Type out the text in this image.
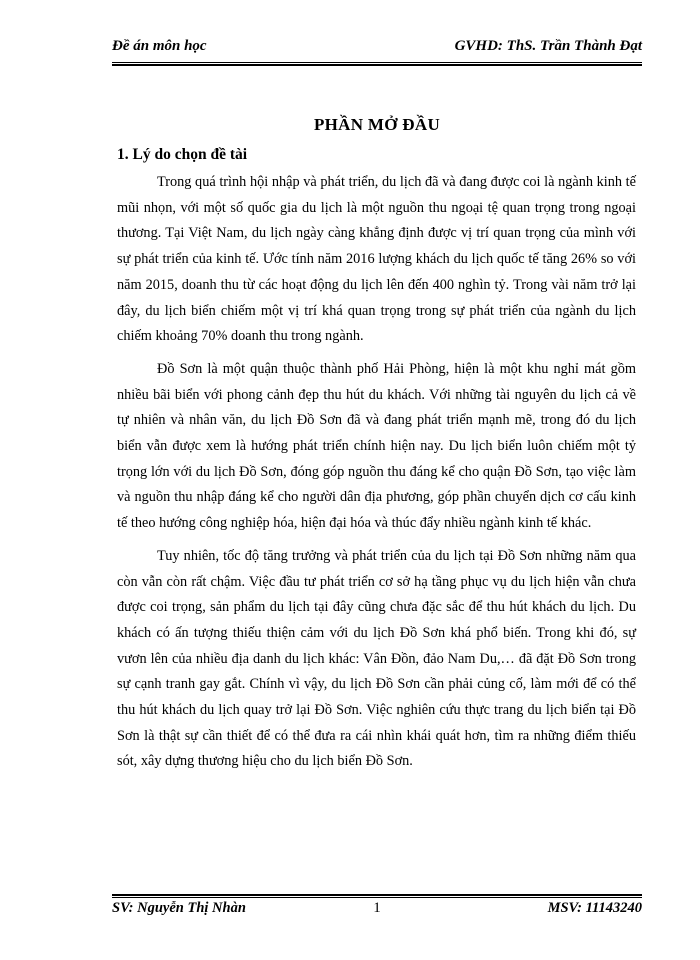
Đề án môn học	GVHD: ThS. Trần Thành Đạt
PHẦN MỞ ĐẦU
1. Lý do chọn đề tài

Trong quá trình hội nhập và phát triển, du lịch đã và đang được coi là ngành kinh tế mũi nhọn, với một số quốc gia du lịch là một nguồn thu ngoại tệ quan trọng trong ngoại thương. Tại Việt Nam, du lịch ngày càng khẳng định được vị trí quan trọng của mình với sự phát triển của kinh tế. Ước tính năm 2016 lượng khách du lịch quốc tế tăng 26% so với năm 2015, doanh thu từ các hoạt động du lịch lên đến 400 nghìn tỷ. Trong vài năm trở lại đây, du lịch biển chiếm một vị trí khá quan trọng trong sự phát triển của ngành du lịch chiếm khoảng 70% doanh thu trong ngành.

Đồ Sơn là một quận thuộc thành phố Hải Phòng, hiện là một khu nghỉ mát gồm nhiều bãi biển với phong cảnh đẹp thu hút du khách. Với những tài nguyên du lịch cả về tự nhiên và nhân văn, du lịch Đồ Sơn đã và đang phát triển mạnh mẽ, trong đó du lịch biển vẫn được xem là hướng phát triển chính hiện nay. Du lịch biển luôn chiếm một tỷ trọng lớn với du lịch Đồ Sơn, đóng góp nguồn thu đáng kể cho quận Đồ Sơn, tạo việc làm và nguồn thu nhập đáng kể cho người dân địa phương, góp phần chuyển dịch cơ cấu kinh tế theo hướng công nghiệp hóa, hiện đại hóa và thúc đẩy nhiều ngành kinh tế khác.

Tuy nhiên, tốc độ tăng trưởng và phát triển của du lịch tại Đồ Sơn những năm qua còn vẫn còn rất chậm. Việc đầu tư phát triển cơ sở hạ tầng phục vụ du lịch hiện vẫn chưa được coi trọng, sản phẩm du lịch tại đây cũng chưa đặc sắc để thu hút khách du lịch. Du khách có ấn tượng thiếu thiện cảm với du lịch Đồ Sơn khá phổ biến. Trong khi đó, sự vươn lên của nhiều địa danh du lịch khác: Vân Đồn, đảo Nam Du,… đã đặt Đồ Sơn trong sự cạnh tranh gay gắt. Chính vì vậy, du lịch Đồ Sơn cần phải củng cố, làm mới để có thể thu hút khách du lịch quay trở lại Đồ Sơn. Việc nghiên cứu thực trang du lịch biển tại Đồ Sơn là thật sự cần thiết để có thể đưa ra cái nhìn khái quát hơn, tìm ra những điểm thiếu sót, xây dựng thương hiệu cho du lịch biển Đồ Sơn.

SV: Nguyễn Thị Nhàn	1	MSV: 11143240
